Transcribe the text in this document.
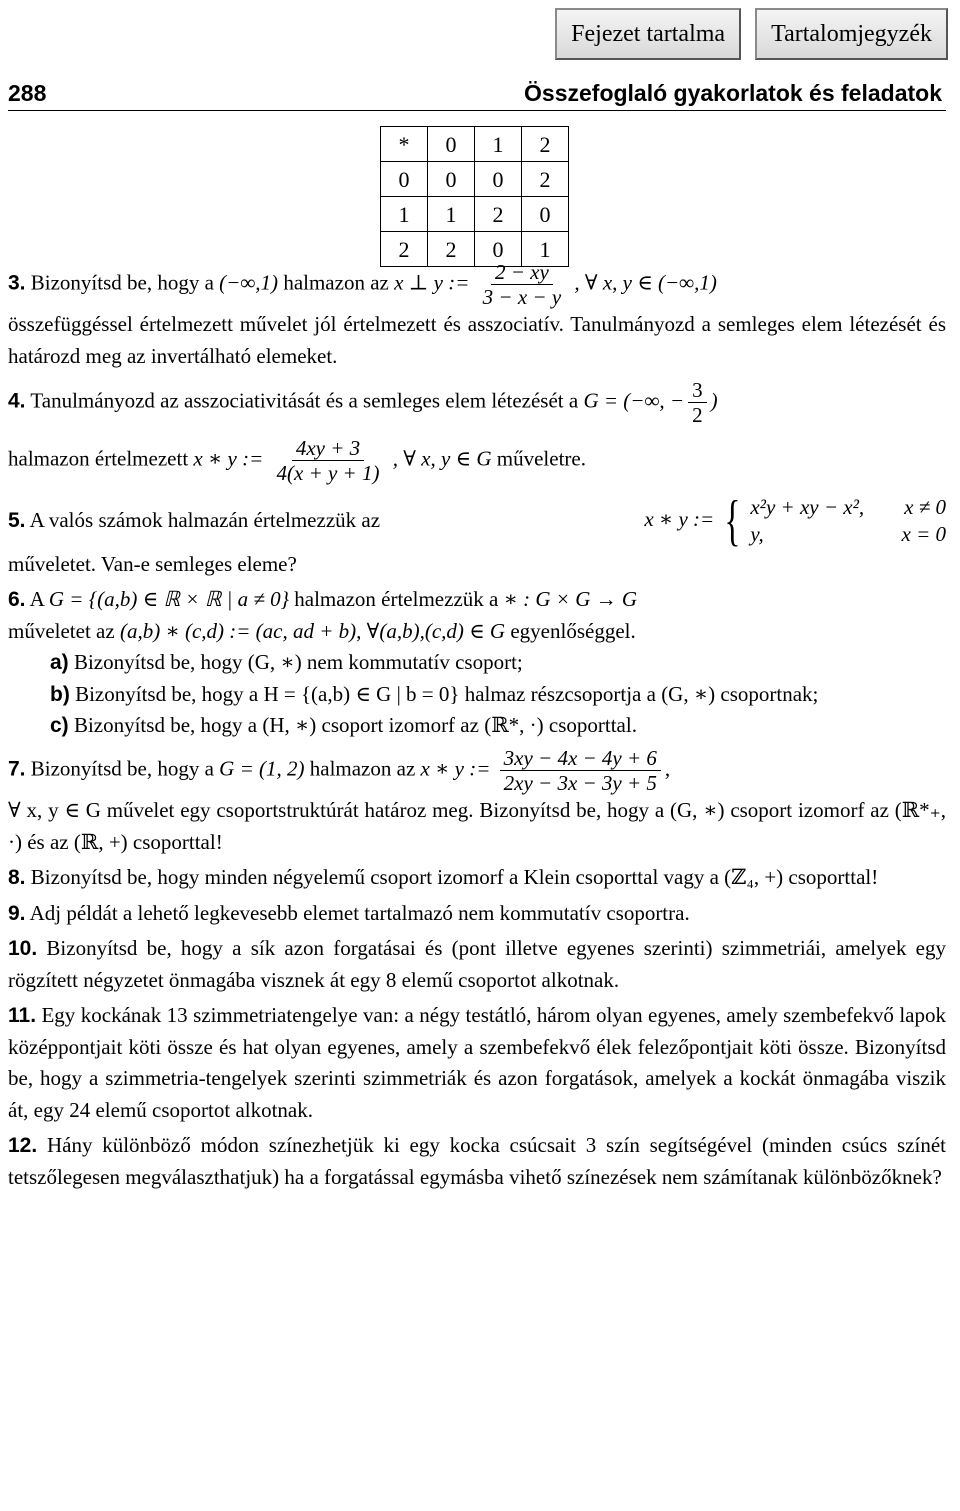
Fejezet tartalma	Tartalomjegyzék
288	Összefoglaló gyakorlatok és feladatok
*	0	1	2
0	0	0	2
1	1	2	0
2	2	0	1
3. Bizonyítsd be, hogy a (−∞,1) halmazon az x ⊥ y := $\frac{2 - xy}{3 - x - y}$ , ∀ x, y ∈ (−∞,1)
összefüggéssel értelmezett művelet jól értelmezett és asszociatív. Tanulmányozd a semleges elem létezését és határozd meg az invertálható elemeket.
4. Tanulmányozd az asszociativitását és a semleges elem létezését a G = (−∞, − $\frac{3}{2}$ )
halmazon értelmezett x ∗ y := $\frac{4xy + 3}{4(x + y + 1)}$ , ∀ x, y ∈ G műveletre.
5. A valós számok halmazán értelmezzük az	x ∗ y := { x²y + xy − x², x ≠ 0
y,	x = 0
műveletet. Van-e semleges eleme?
6. A G = {(a,b) ∈ ℝ × ℝ | a ≠ 0} halmazon értelmezzük a ∗ : G × G → G
műveletet az (a,b) ∗ (c,d) := (ac, ad + b), ∀(a,b),(c,d) ∈ G egyenlőséggel.
a) Bizonyítsd be, hogy (G, ∗) nem kommutatív csoport;
b) Bizonyítsd be, hogy a H = {(a,b) ∈ G | b = 0} halmaz részcsoportja a (G, ∗) csoportnak;
c) Bizonyítsd be, hogy a (H, ∗) csoport izomorf az (ℝ*, ·) csoporttal.
7. Bizonyítsd be, hogy a G = (1, 2) halmazon az x ∗ y := $\frac{3xy - 4x - 4y + 6}{2xy - 3x - 3y + 5}$ ,
∀ x, y ∈ G művelet egy csoportstruktúrát határoz meg. Bizonyítsd be, hogy a (G, ∗) csoport izomorf az (ℝ*₊, ·) és az (ℝ, +) csoporttal!
8. Bizonyítsd be, hogy minden négyelemű csoport izomorf a Klein csoporttal vagy a (ℤ₄, +) csoporttal!
9. Adj példát a lehető legkevesebb elemet tartalmazó nem kommutatív csoportra.
10. Bizonyítsd be, hogy a sík azon forgatásai és (pont illetve egyenes szerinti) szimmetriái, amelyek egy rögzített négyzetet önmagába visznek át egy 8 elemű csoportot alkotnak.
11. Egy kockának 13 szimmetriatengelye van: a négy testátló, három olyan egyenes, amely szembefekvő lapok középpontjait köti össze és hat olyan egyenes, amely a szembefekvő élek felezőpontjait köti össze. Bizonyítsd be, hogy a szimmetria-tengelyek szerinti szimmetriák és azon forgatások, amelyek a kockát önmagába viszik át, egy 24 elemű csoportot alkotnak.
12. Hány különböző módon színezhetjük ki egy kocka csúcsait 3 szín segítségével (minden csúcs színét tetszőlegesen megválaszthatjuk) ha a forgatással egymásba vihető színezések nem számítanak különbözőknek?
